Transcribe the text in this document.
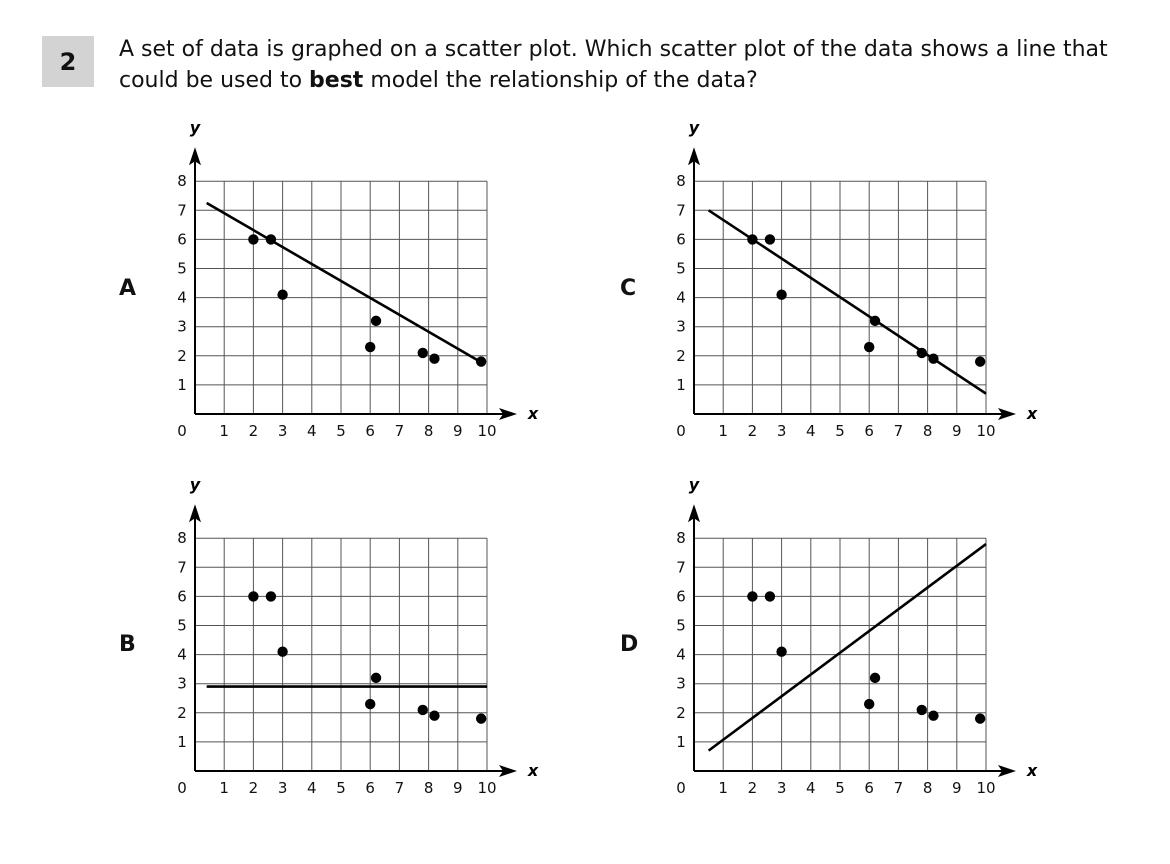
2	A set of data is graphed on a scatter plot. Which scatter plot of the data shows a line that could be used to best model the relationship of the data?
A
B
C
D
x
y
0 1 2 3 4 5 6 7 8 9 10
1
2
3
4
5
6
7
8
x
y
0 1 2 3 4 5 6 7 8 9 10
1
2
3
4
5
6
7
8
x
y
0 1 2 3 4 5 6 7 8 9 10
1
2
3
4
5
6
7
8
x
y
0 1 2 3 4 5 6 7 8 9 10
1
2
3
4
5
6
7
8
